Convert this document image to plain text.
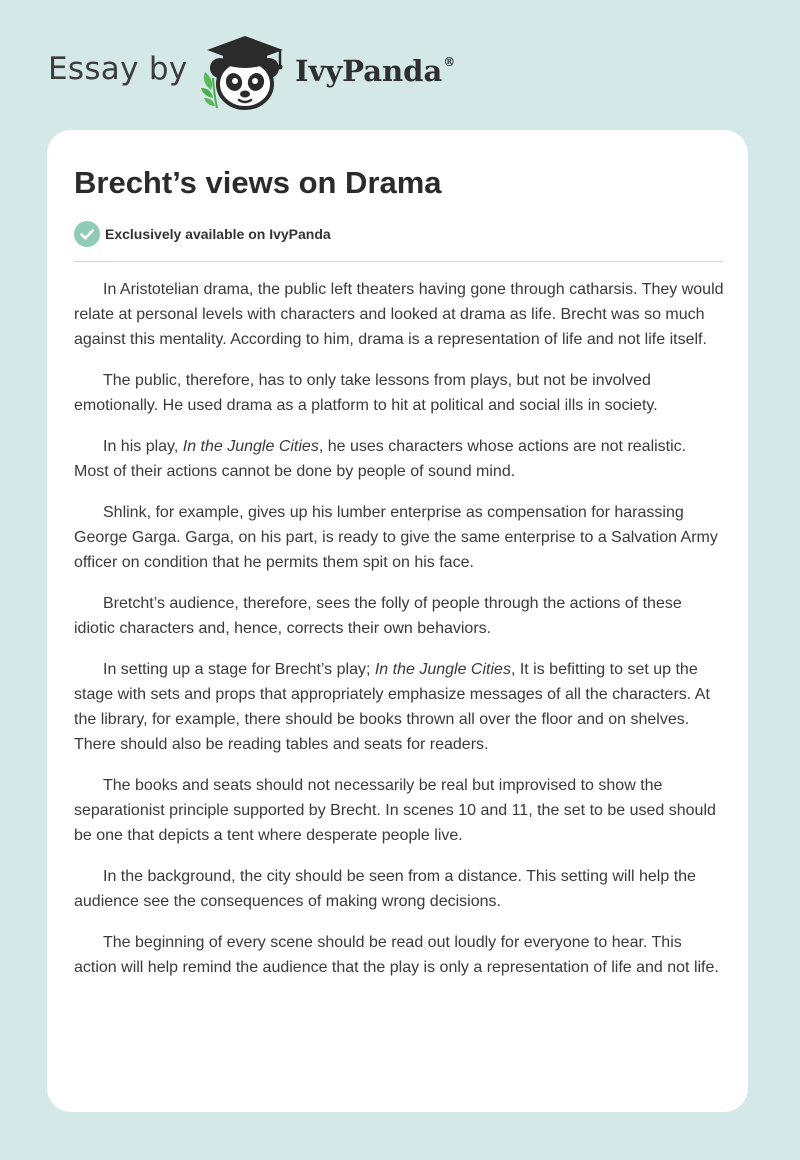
Essay by	IvyPanda®
Brecht’s views on Drama
Exclusively available on IvyPanda

In Aristotelian drama, the public left theaters having gone through catharsis. They would relate at personal levels with characters and looked at drama as life. Brecht was so much against this mentality. According to him, drama is a representation of life and not life itself.

The public, therefore, has to only take lessons from plays, but not be involved emotionally. He used drama as a platform to hit at political and social ills in society.

In his play, In the Jungle Cities, he uses characters whose actions are not realistic. Most of their actions cannot be done by people of sound mind.

Shlink, for example, gives up his lumber enterprise as compensation for harassing George Garga. Garga, on his part, is ready to give the same enterprise to a Salvation Army officer on condition that he permits them spit on his face.

Bretcht’s audience, therefore, sees the folly of people through the actions of these idiotic characters and, hence, corrects their own behaviors.

In setting up a stage for Brecht’s play; In the Jungle Cities, It is befitting to set up the stage with sets and props that appropriately emphasize messages of all the characters. At the library, for example, there should be books thrown all over the floor and on shelves. There should also be reading tables and seats for readers.

The books and seats should not necessarily be real but improvised to show the separationist principle supported by Brecht. In scenes 10 and 11, the set to be used should be one that depicts a tent where desperate people live.

In the background, the city should be seen from a distance. This setting will help the audience see the consequences of making wrong decisions.

The beginning of every scene should be read out loudly for everyone to hear. This action will help remind the audience that the play is only a representation of life and not life.
